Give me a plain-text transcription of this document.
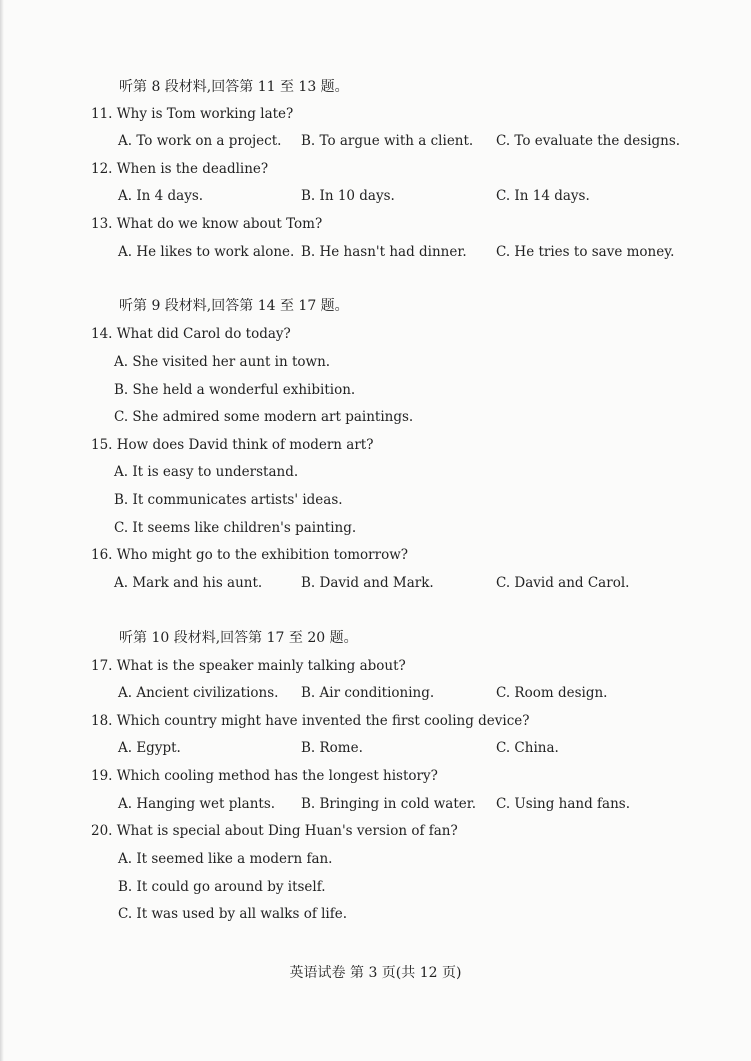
听第 8 段材料,回答第 11 至 13 题。
11. Why is Tom working late?
A. To work on a project. B. To argue with a client. C. To evaluate the designs.
12. When is the deadline?
A. In 4 days.	B. In 10 days.	C. In 14 days.
13. What do we know about Tom?
A. He likes to work alone. B. He hasn't had dinner. C. He tries to save money.
听第 9 段材料,回答第 14 至 17 题。
14. What did Carol do today?
A. She visited her aunt in town.
B. She held a wonderful exhibition.
C. She admired some modern art paintings.
15. How does David think of modern art?
A. It is easy to understand.
B. It communicates artists' ideas.
C. It seems like children's painting.
16. Who might go to the exhibition tomorrow?
A. Mark and his aunt.	B. David and Mark.	C. David and Carol.
听第 10 段材料,回答第 17 至 20 题。
17. What is the speaker mainly talking about?
A. Ancient civilizations. B. Air conditioning.	C. Room design.
18. Which country might have invented the first cooling device?
A. Egypt.	B. Rome.	C. China.
19. Which cooling method has the longest history?
A. Hanging wet plants. B. Bringing in cold water. C. Using hand fans.
20. What is special about Ding Huan's version of fan?
A. It seemed like a modern fan.
B. It could go around by itself.
C. It was used by all walks of life.
英语试卷 第 3 页(共 12 页)
